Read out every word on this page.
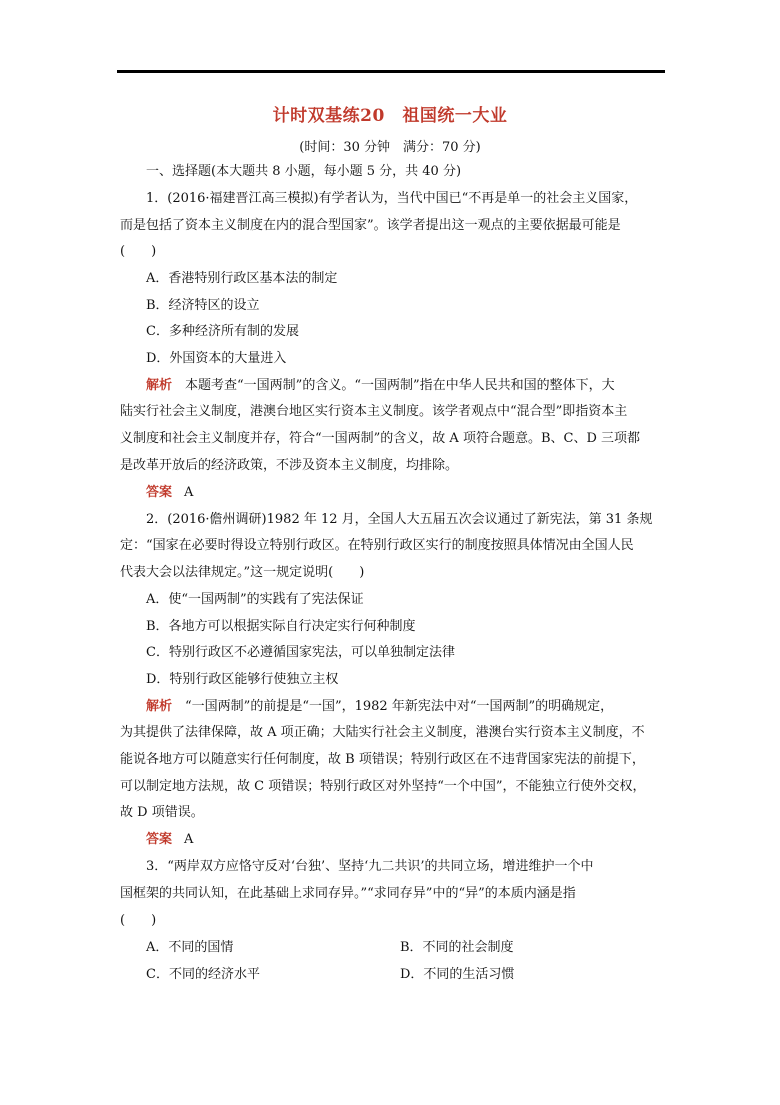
计时双基练20　祖国统一大业
(时间：30 分钟　满分：70 分)
一、选择题(本大题共 8 小题，每小题 5 分，共 40 分)
1．(2016·福建晋江高三模拟)有学者认为，当代中国已“不再是单一的社会主义国家，
而是包括了资本主义制度在内的混合型国家”。该学者提出这一观点的主要依据最可能是
(　　)
A．香港特别行政区基本法的制定
B．经济特区的设立
C．多种经济所有制的发展
D．外国资本的大量进入
解析　 本题考查“一国两制”的含义。“一国两制”指在中华人民共和国的整体下，大
陆实行社会主义制度，港澳台地区实行资本主义制度。该学者观点中“混合型”即指资本主
义制度和社会主义制度并存，符合“一国两制”的含义，故 A 项符合题意。B、C、D 三项都
是改革开放后的经济政策，不涉及资本主义制度，均排除。
答案 A
2．(2016·儋州调研)1982 年 12 月，全国人大五届五次会议通过了新宪法，第 31 条规
定：“国家在必要时得设立特别行政区。在特别行政区实行的制度按照具体情况由全国人民
代表大会以法律规定。”这一规定说明(　　)
A．使“一国两制”的实践有了宪法保证
B．各地方可以根据实际自行决定实行何种制度
C．特别行政区不必遵循国家宪法，可以单独制定法律
D．特别行政区能够行使独立主权
解析　 “一国两制”的前提是“一国”，1982 年新宪法中对“一国两制”的明确规定，
为其提供了法律保障，故 A 项正确；大陆实行社会主义制度，港澳台实行资本主义制度，不
能说各地方可以随意实行任何制度，故 B 项错误；特别行政区在不违背国家宪法的前提下，
可以制定地方法规，故 C 项错误；特别行政区对外坚持“一个中国”，不能独立行使外交权，
故 D 项错误。
答案 A
3．“两岸双方应恪守反对‘台独’、坚持‘九二共识’的共同立场，增进维护一个中
国框架的共同认知，在此基础上求同存异。”“求同存异”中的“异”的本质内涵是指
(　　)
A．不同的国情	B．不同的社会制度
C．不同的经济水平	D．不同的生活习惯
